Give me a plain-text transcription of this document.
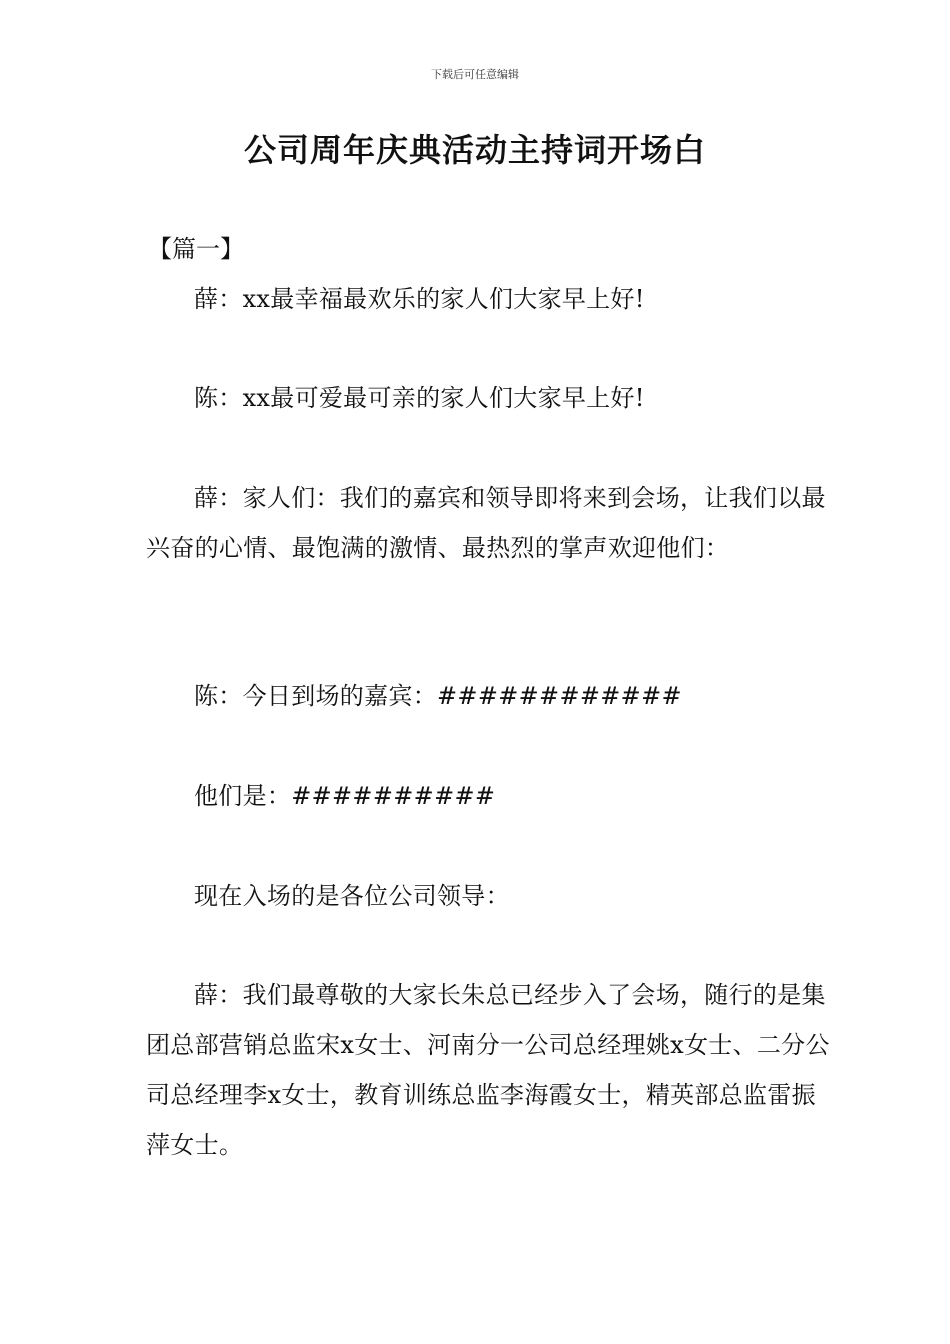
下载后可任意编辑
公司周年庆典活动主持词开场白
【篇一】

薛：xx最幸福最欢乐的家人们大家早上好!

陈：xx最可爱最可亲的家人们大家早上好!

薛：家人们：我们的嘉宾和领导即将来到会场，让我们以最兴奋的心情、最饱满的激情、最热烈的掌声欢迎他们：

陈：今日到场的嘉宾：############

他们是：##########

现在入场的是各位公司领导：

薛：我们最尊敬的大家长朱总已经步入了会场，随行的是集团总部营销总监宋x女士、河南分一公司总经理姚x女士、二分公司总经理李x女士，教育训练总监李海霞女士，精英部总监雷振萍女士。
